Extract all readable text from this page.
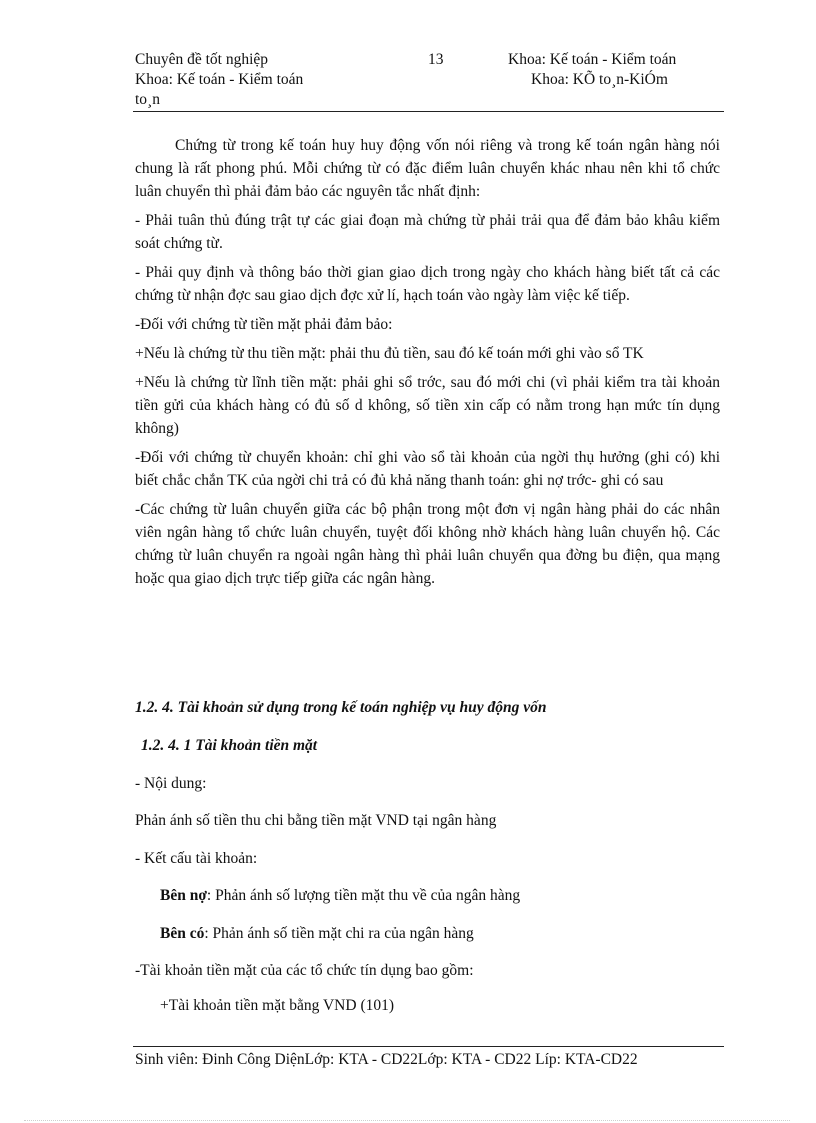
Chuyên đề tốt nghiệp	13	Khoa: Kế toán - Kiểm toán
Khoa: Kế toán - Kiểm toán	Khoa: KÕ to¸n-KiÓm
to¸n

Chứng từ trong kế toán huy huy động vốn nói riêng và trong kế toán ngân hàng nói chung là rất phong phú. Mỗi chứng từ có đặc điểm luân chuyển khác nhau nên khi tổ chức luân chuyển thì phải đảm bảo các nguyên tắc nhất định:

- Phải tuân thủ đúng trật tự các giai đoạn mà chứng từ phải trải qua để đảm bảo khâu kiểm soát chứng từ.

- Phải quy định và thông báo thời gian giao dịch trong ngày cho khách hàng biết tất cả các chứng từ nhận đợc sau giao dịch đợc xử lí, hạch toán vào ngày làm việc kế tiếp.

-Đối với chứng từ tiền mặt phải đảm bảo:

+Nếu là chứng từ thu tiền mặt: phải thu đủ tiền, sau đó kế toán mới ghi vào sổ TK

+Nếu là chứng từ lĩnh tiền mặt: phải ghi sổ trớc, sau đó mới chi (vì phải kiểm tra tài khoản tiền gửi của khách hàng có đủ số d không, số tiền xin cấp có nằm trong hạn mức tín dụng không)

-Đối với chứng từ chuyển khoản: chỉ ghi vào sổ tài khoản của ngời thụ hưởng (ghi có) khi biết chắc chắn TK của ngời chi trả có đủ khả năng thanh toán: ghi nợ trớc- ghi có sau

-Các chứng từ luân chuyển giữa các bộ phận trong một đơn vị ngân hàng phải do các nhân viên ngân hàng tổ chức luân chuyển, tuyệt đối không nhờ khách hàng luân chuyển hộ. Các chứng từ luân chuyển ra ngoài ngân hàng thì phải luân chuyển qua đờng bu điện, qua mạng hoặc qua giao dịch trực tiếp giữa các ngân hàng.

1.2. 4. Tài khoản sử dụng trong kế toán nghiệp vụ huy động vốn
1.2. 4. 1 Tài khoản tiền mặt
- Nội dung:
Phản ánh số tiền thu chi bằng tiền mặt VND tại ngân hàng
- Kết cấu tài khoản:
Bên nợ: Phản ánh số lượng tiền mặt thu về của ngân hàng
Bên có: Phản ánh số tiền mặt chi ra của ngân hàng
-Tài khoản tiền mặt của các tổ chức tín dụng bao gồm:
+Tài khoản tiền mặt bằng VND (101)
Sinh viên: Đinh Công DiệnLớp: KTA - CD22Lớp: KTA - CD22 Líp: KTA-CD22
